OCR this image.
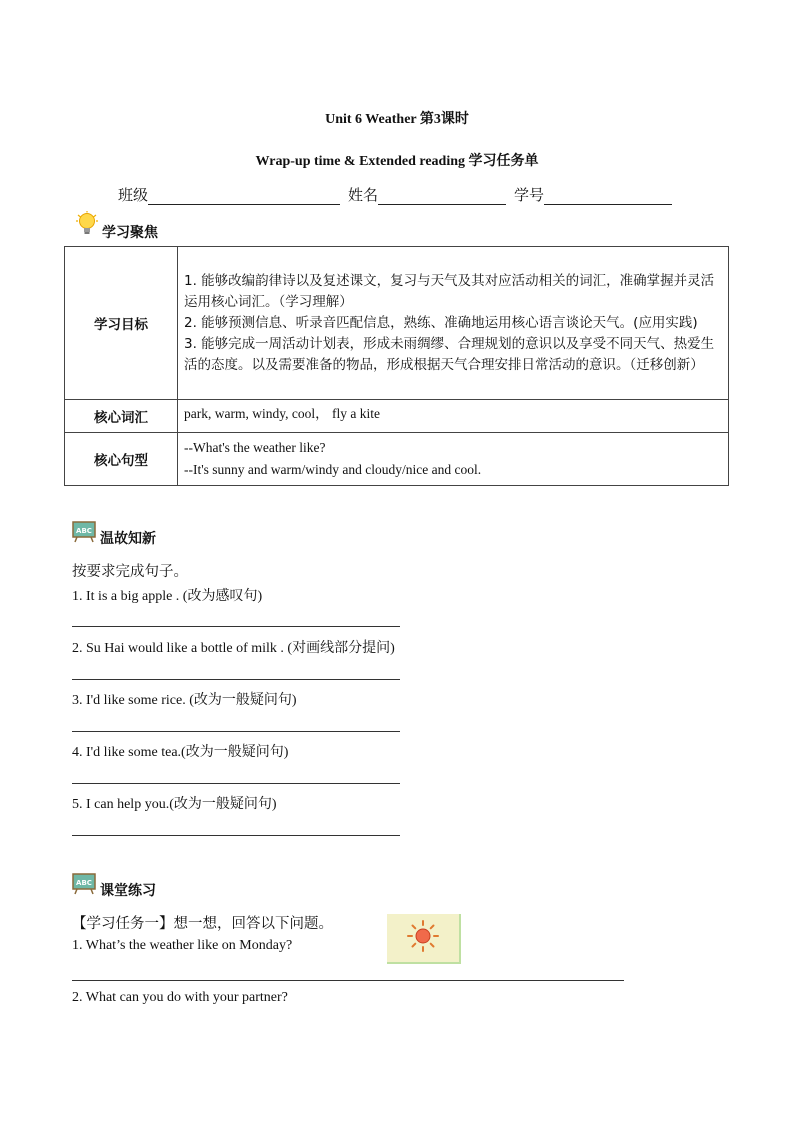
Unit 6 Weather 第3课时
Wrap-up time & Extended reading 学习任务单
班级	姓名	学号
学习聚焦
学习目标	1. 能够改编韵律诗以及复述课文，复习与天气及其对应活动相关的词汇，准确掌握并灵活运用核心词汇。（学习理解）
2. 能够预测信息、听录音匹配信息，熟练、准确地运用核心语言谈论天气。(应用实践)
3. 能够完成一周活动计划表，形成未雨绸缪、合理规划的意识以及享受不同天气、热爱生活的态度。以及需要准备的物品，形成根据天气合理安排日常活动的意识。（迁移创新）

核心词汇	park, warm, windy, cool， fly a kite
核心句型	--What's the weather like?
--It's sunny and warm/windy and cloudy/nice and cool.
ABC 温故知新
按要求完成句子。
1. It is a big apple . (改为感叹句)
2. Su Hai would like a bottle of milk . (对画线部分提问)
3. I'd like some rice. (改为一般疑问句)
4. I'd like some tea.(改为一般疑问句)
5. I can help you.(改为一般疑问句)
ABC 课堂练习
【学习任务一】想一想，回答以下问题。
1. What’s the weather like on Monday?
2. What can you do with your partner?
